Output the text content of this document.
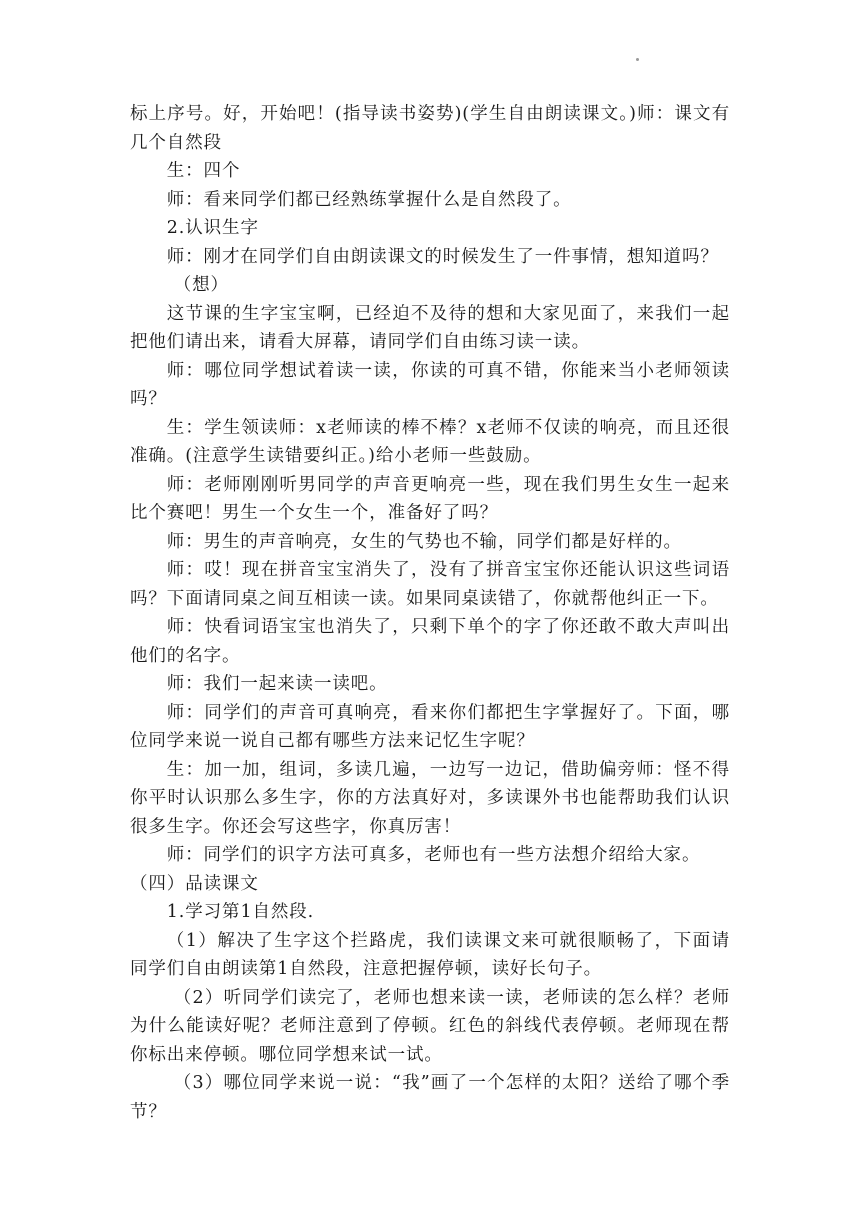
标上序号。好，开始吧！(指导读书姿势)(学生自由朗读课文。)师：课文有几个自然段

生：四个

师：看来同学们都已经熟练掌握什么是自然段了。

2.认识生字

师：刚才在同学们自由朗读课文的时候发生了一件事情，想知道吗？

（想）

这节课的生字宝宝啊，已经迫不及待的想和大家见面了，来我们一起把他们请出来，请看大屏幕，请同学们自由练习读一读。

师：哪位同学想试着读一读，你读的可真不错，你能来当小老师领读吗？

生：学生领读师：x老师读的棒不棒？x老师不仅读的响亮，而且还很准确。(注意学生读错要纠正。)给小老师一些鼓励。

师：老师刚刚听男同学的声音更响亮一些，现在我们男生女生一起来比个赛吧！男生一个女生一个，准备好了吗？

师：男生的声音响亮，女生的气势也不输，同学们都是好样的。

师：哎！现在拼音宝宝消失了，没有了拼音宝宝你还能认识这些词语吗？下面请同桌之间互相读一读。如果同桌读错了，你就帮他纠正一下。

师：快看词语宝宝也消失了，只剩下单个的字了你还敢不敢大声叫出他们的名字。

师：我们一起来读一读吧。

师：同学们的声音可真响亮，看来你们都把生字掌握好了。下面，哪位同学来说一说自己都有哪些方法来记忆生字呢？

生：加一加，组词，多读几遍，一边写一边记，借助偏旁师：怪不得你平时认识那么多生字，你的方法真好对，多读课外书也能帮助我们认识很多生字。你还会写这些字，你真厉害！

师：同学们的识字方法可真多，老师也有一些方法想介绍给大家。

（四）品读课文

1.学习第1自然段.

（1）解决了生字这个拦路虎，我们读课文来可就很顺畅了，下面请同学们自由朗读第1自然段，注意把握停顿，读好长句子。

（2）听同学们读完了，老师也想来读一读，老师读的怎么样？老师为什么能读好呢？老师注意到了停顿。红色的斜线代表停顿。老师现在帮你标出来停顿。哪位同学想来试一试。

（3）哪位同学来说一说：“我”画了一个怎样的太阳？送给了哪个季节？
